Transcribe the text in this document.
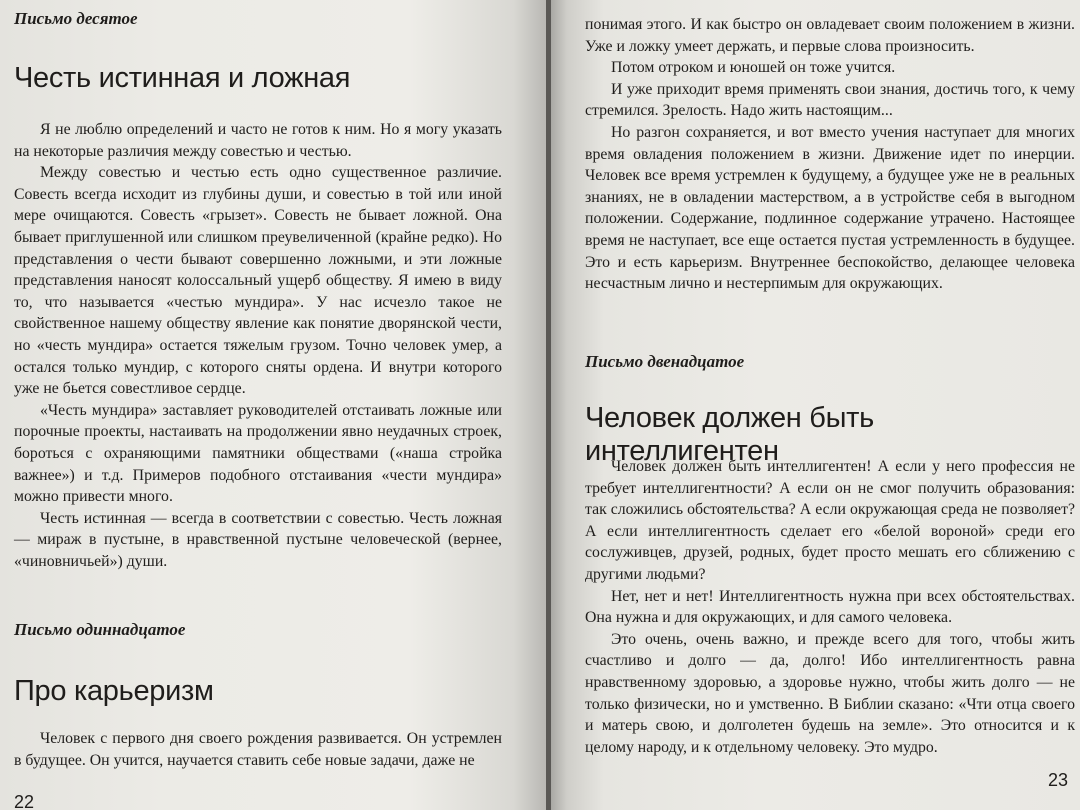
Письмо десятое
Честь истинная и ложная

Я не люблю определений и часто не готов к ним. Но я могу указать на некоторые различия между совестью и честью.

Между совестью и честью есть одно существенное различие. Совесть всегда исходит из глубины души, и совестью в той или иной мере очищаются. Совесть «грызет». Совесть не бывает ложной. Она бывает приглушенной или слишком преувеличенной (крайне редко). Но представления о чести бывают совершенно ложными, и эти ложные представления наносят колоссальный ущерб обществу. Я имею в виду то, что называется «честью мундира». У нас исчезло такое не свойственное нашему обществу явление как понятие дворянской чести, но «честь мундира» остается тяжелым грузом. Точно человек умер, а остался только мундир, с которого сняты ордена. И внутри которого уже не бьется совестливое сердце.

«Честь мундира» заставляет руководителей отстаивать ложные или порочные проекты, настаивать на продолжении явно неудачных строек, бороться с охраняющими памятники обществами («наша стройка важнее») и т.д. Примеров подобного отстаивания «чести мундира» можно привести много.

Честь истинная — всегда в соответствии с совестью. Честь ложная — мираж в пустыне, в нравственной пустыне человеческой (вернее, «чиновничьей») души.

Письмо одиннадцатое
Про карьеризм

Человек с первого дня своего рождения развивается. Он устремлен в будущее. Он учится, научается ставить себе новые задачи, даже не

22

понимая этого. И как быстро он овладевает своим положением в жизни. Уже и ложку умеет держать, и первые слова произносить.

Потом отроком и юношей он тоже учится.

И уже приходит время применять свои знания, достичь того, к чему стремился. Зрелость. Надо жить настоящим...

Но разгон сохраняется, и вот вместо учения наступает для многих время овладения положением в жизни. Движение идет по инерции. Человек все время устремлен к будущему, а будущее уже не в реальных знаниях, не в овладении мастерством, а в устройстве себя в выгодном положении. Содержание, подлинное содержание утрачено. Настоящее время не наступает, все еще остается пустая устремленность в будущее. Это и есть карьеризм. Внутреннее беспокойство, делающее человека несчастным лично и нестерпимым для окружающих.

Письмо двенадцатое
Человек должен быть интеллигентен

Человек должен быть интеллигентен! А если у него профессия не требует интеллигентности? А если он не смог получить образования: так сложились обстоятельства? А если окружающая среда не позволяет? А если интеллигентность сделает его «белой вороной» среди его сослуживцев, друзей, родных, будет просто мешать его сближению с другими людьми?

Нет, нет и нет! Интеллигентность нужна при всех обстоятельствах. Она нужна и для окружающих, и для самого человека.

Это очень, очень важно, и прежде всего для того, чтобы жить счастливо и долго — да, долго! Ибо интеллигентность равна нравственному здоровью, а здоровье нужно, чтобы жить долго — не только физически, но и умственно. В Библии сказано: «Чти отца своего и матерь свою, и долголетен будешь на земле». Это относится и к целому народу, и к отдельному человеку. Это мудро.

23
